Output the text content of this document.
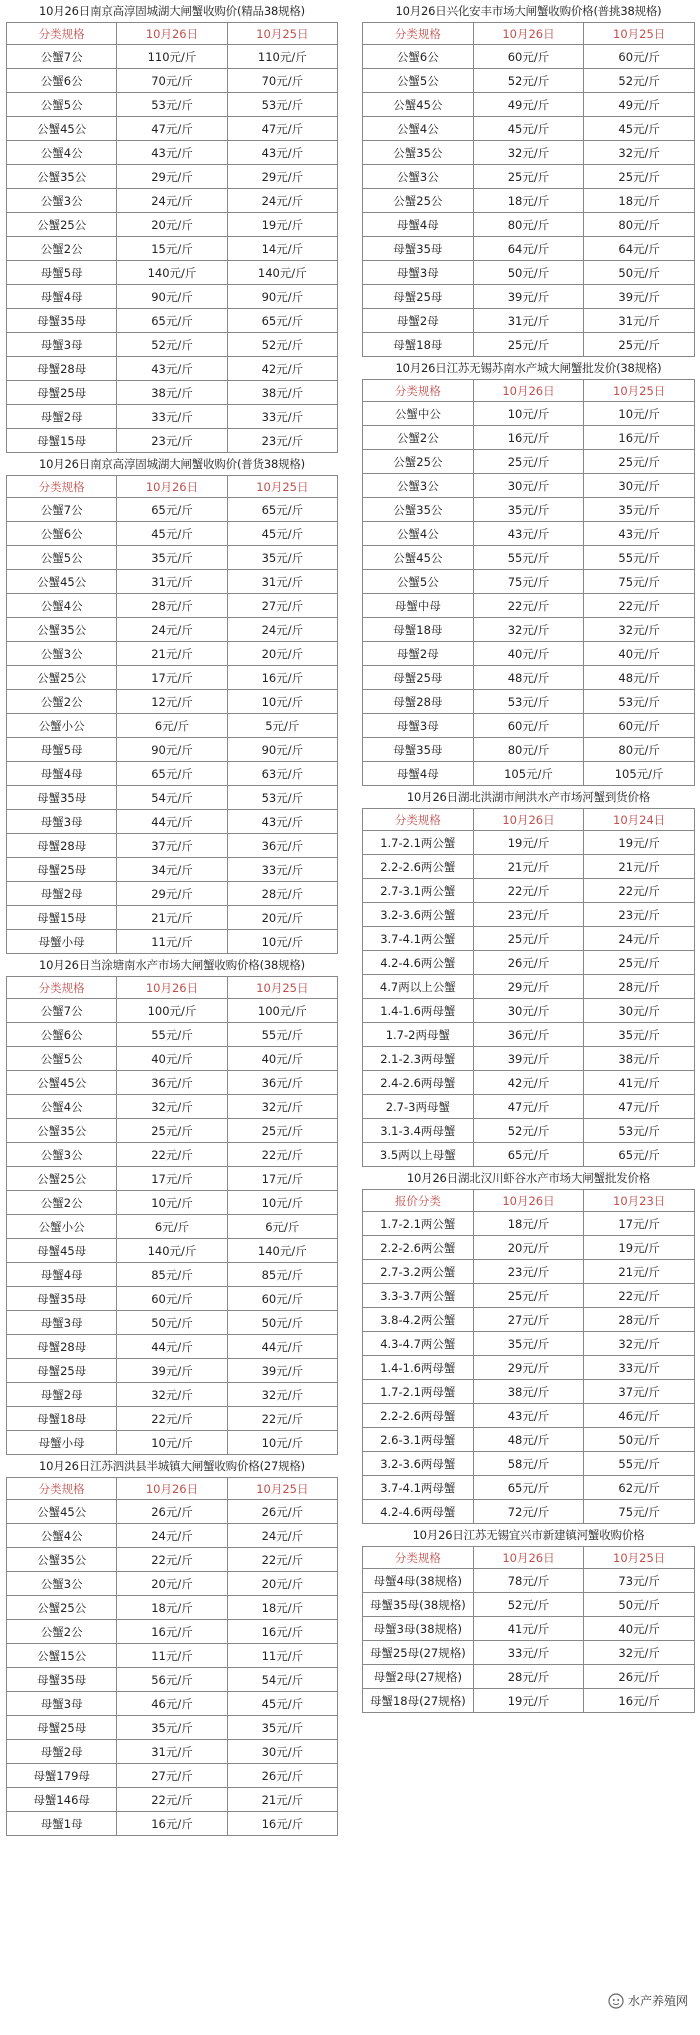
10月26日南京高淳固城湖大闸蟹收购价(精品38规格)
分类规格	10月26日	10月25日
公蟹7公	110元/斤	110元/斤
公蟹6公	70元/斤	70元/斤
公蟹5公	53元/斤	53元/斤
公蟹45公	47元/斤	47元/斤
公蟹4公	43元/斤	43元/斤
公蟹35公	29元/斤	29元/斤
公蟹3公	24元/斤	24元/斤
公蟹25公	20元/斤	19元/斤
公蟹2公	15元/斤	14元/斤
母蟹5母	140元/斤	140元/斤
母蟹4母	90元/斤	90元/斤
母蟹35母	65元/斤	65元/斤
母蟹3母	52元/斤	52元/斤
母蟹28母	43元/斤	42元/斤
母蟹25母	38元/斤	38元/斤
母蟹2母	33元/斤	33元/斤
母蟹15母	23元/斤	23元/斤
10月26日南京高淳固城湖大闸蟹收购价(普货38规格)
分类规格	10月26日	10月25日
公蟹7公	65元/斤	65元/斤
公蟹6公	45元/斤	45元/斤
公蟹5公	35元/斤	35元/斤
公蟹45公	31元/斤	31元/斤
公蟹4公	28元/斤	27元/斤
公蟹35公	24元/斤	24元/斤
公蟹3公	21元/斤	20元/斤
公蟹25公	17元/斤	16元/斤
公蟹2公	12元/斤	10元/斤
公蟹小公	6元/斤	5元/斤
母蟹5母	90元/斤	90元/斤
母蟹4母	65元/斤	63元/斤
母蟹35母	54元/斤	53元/斤
母蟹3母	44元/斤	43元/斤
母蟹28母	37元/斤	36元/斤
母蟹25母	34元/斤	33元/斤
母蟹2母	29元/斤	28元/斤
母蟹15母	21元/斤	20元/斤
母蟹小母	11元/斤	10元/斤
10月26日当涂塘南水产市场大闸蟹收购价格(38规格)
分类规格	10月26日	10月25日
公蟹7公	100元/斤	100元/斤
公蟹6公	55元/斤	55元/斤
公蟹5公	40元/斤	40元/斤
公蟹45公	36元/斤	36元/斤
公蟹4公	32元/斤	32元/斤
公蟹35公	25元/斤	25元/斤
公蟹3公	22元/斤	22元/斤
公蟹25公	17元/斤	17元/斤
公蟹2公	10元/斤	10元/斤
公蟹小公	6元/斤	6元/斤
母蟹45母	140元/斤	140元/斤
母蟹4母	85元/斤	85元/斤
母蟹35母	60元/斤	60元/斤
母蟹3母	50元/斤	50元/斤
母蟹28母	44元/斤	44元/斤
母蟹25母	39元/斤	39元/斤
母蟹2母	32元/斤	32元/斤
母蟹18母	22元/斤	22元/斤
母蟹小母	10元/斤	10元/斤
10月26日江苏泗洪县半城镇大闸蟹收购价格(27规格)
分类规格	10月26日	10月25日
公蟹45公	26元/斤	26元/斤
公蟹4公	24元/斤	24元/斤
公蟹35公	22元/斤	22元/斤
公蟹3公	20元/斤	20元/斤
公蟹25公	18元/斤	18元/斤
公蟹2公	16元/斤	16元/斤
公蟹15公	11元/斤	11元/斤
母蟹35母	56元/斤	54元/斤
母蟹3母	46元/斤	45元/斤
母蟹25母	35元/斤	35元/斤
母蟹2母	31元/斤	30元/斤
母蟹179母	27元/斤	26元/斤
母蟹146母	22元/斤	21元/斤
母蟹1母	16元/斤	16元/斤
10月26日兴化安丰市场大闸蟹收购价格(普挑38规格)
分类规格	10月26日	10月25日
公蟹6公	60元/斤	60元/斤
公蟹5公	52元/斤	52元/斤
公蟹45公	49元/斤	49元/斤
公蟹4公	45元/斤	45元/斤
公蟹35公	32元/斤	32元/斤
公蟹3公	25元/斤	25元/斤
公蟹25公	18元/斤	18元/斤
母蟹4母	80元/斤	80元/斤
母蟹35母	64元/斤	64元/斤
母蟹3母	50元/斤	50元/斤
母蟹25母	39元/斤	39元/斤
母蟹2母	31元/斤	31元/斤
母蟹18母	25元/斤	25元/斤
10月26日江苏无锡苏南水产城大闸蟹批发价(38规格)
分类规格	10月26日	10月25日
公蟹中公	10元/斤	10元/斤
公蟹2公	16元/斤	16元/斤
公蟹25公	25元/斤	25元/斤
公蟹3公	30元/斤	30元/斤
公蟹35公	35元/斤	35元/斤
公蟹4公	43元/斤	43元/斤
公蟹45公	55元/斤	55元/斤
公蟹5公	75元/斤	75元/斤
母蟹中母	22元/斤	22元/斤
母蟹18母	32元/斤	32元/斤
母蟹2母	40元/斤	40元/斤
母蟹25母	48元/斤	48元/斤
母蟹28母	53元/斤	53元/斤
母蟹3母	60元/斤	60元/斤
母蟹35母	80元/斤	80元/斤
母蟹4母	105元/斤	105元/斤
10月26日湖北洪湖市闸洪水产市场河蟹到货价格
分类规格	10月26日	10月24日
1.7-2.1两公蟹	19元/斤	19元/斤
2.2-2.6两公蟹	21元/斤	21元/斤
2.7-3.1两公蟹	22元/斤	22元/斤
3.2-3.6两公蟹	23元/斤	23元/斤
3.7-4.1两公蟹	25元/斤	24元/斤
4.2-4.6两公蟹	26元/斤	25元/斤
4.7两以上公蟹	29元/斤	28元/斤
1.4-1.6两母蟹	30元/斤	30元/斤
1.7-2两母蟹	36元/斤	35元/斤
2.1-2.3两母蟹	39元/斤	38元/斤
2.4-2.6两母蟹	42元/斤	41元/斤
2.7-3两母蟹	47元/斤	47元/斤
3.1-3.4两母蟹	52元/斤	53元/斤
3.5两以上母蟹	65元/斤	65元/斤
10月26日湖北汉川虾谷水产市场大闸蟹批发价格
报价分类	10月26日	10月23日
1.7-2.1两公蟹	18元/斤	17元/斤
2.2-2.6两公蟹	20元/斤	19元/斤
2.7-3.2两公蟹	23元/斤	21元/斤
3.3-3.7两公蟹	25元/斤	22元/斤
3.8-4.2两公蟹	27元/斤	28元/斤
4.3-4.7两公蟹	35元/斤	32元/斤
1.4-1.6两母蟹	29元/斤	33元/斤
1.7-2.1两母蟹	38元/斤	37元/斤
2.2-2.6两母蟹	43元/斤	46元/斤
2.6-3.1两母蟹	48元/斤	50元/斤
3.2-3.6两母蟹	58元/斤	55元/斤
3.7-4.1两母蟹	65元/斤	62元/斤
4.2-4.6两母蟹	72元/斤	75元/斤
10月26日江苏无锡宜兴市新建镇河蟹收购价格
分类规格	10月26日	10月25日
母蟹4母(38规格)	78元/斤	73元/斤
母蟹35母(38规格)	52元/斤	50元/斤
母蟹3母(38规格)	41元/斤	40元/斤
母蟹25母(27规格)	33元/斤	32元/斤
母蟹2母(27规格)	28元/斤	26元/斤
母蟹18母(27规格)	19元/斤	16元/斤
水产养殖网
